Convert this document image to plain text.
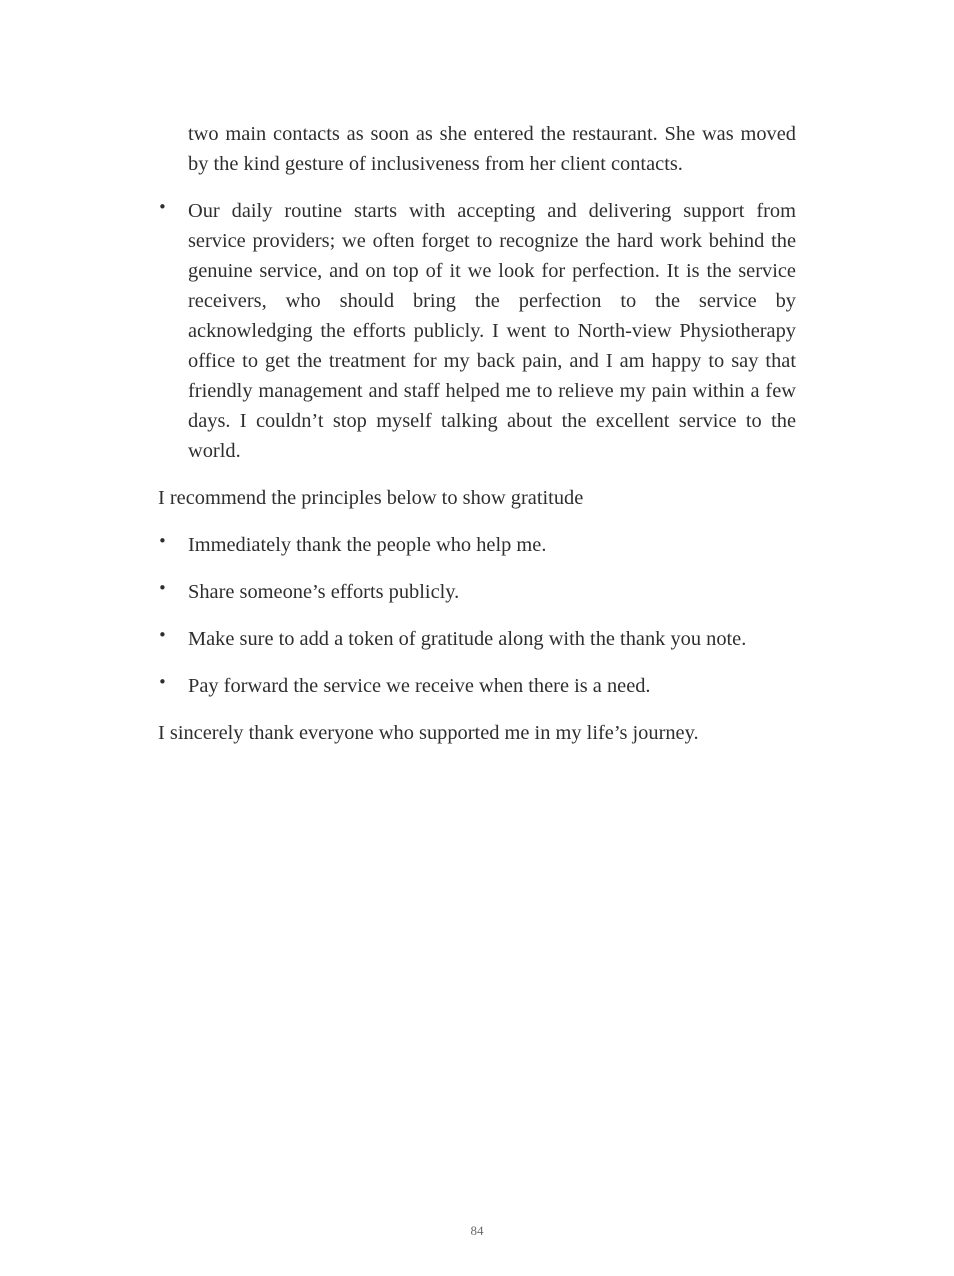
two main contacts as soon as she entered the restaurant. She was moved by the kind gesture of inclusiveness from her client contacts.

• Our daily routine starts with accepting and delivering support from service providers; we often forget to recognize the hard work behind the genuine service, and on top of it we look for perfection. It is the service receivers, who should bring the perfection to the service by acknowledging the efforts publicly. I went to North-view Physiotherapy office to get the treatment for my back pain, and I am happy to say that friendly management and staff helped me to relieve my pain within a few days. I couldn’t stop myself talking about the excellent service to the world.

I recommend the principles below to show gratitude

• Immediately thank the people who help me.
• Share someone’s efforts publicly.
• Make sure to add a token of gratitude along with the thank you note.
• Pay forward the service we receive when there is a need.

I sincerely thank everyone who supported me in my life’s journey.

84
